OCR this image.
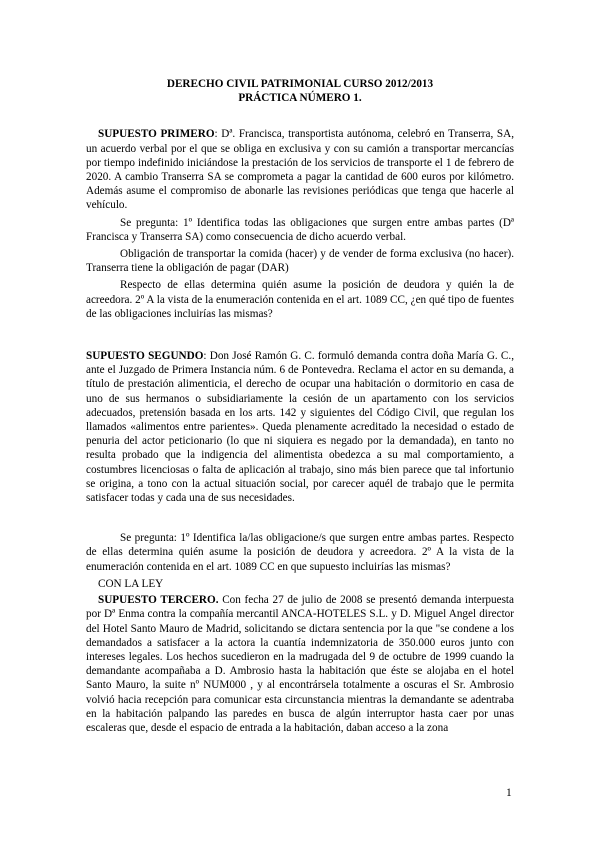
DERECHO CIVIL PATRIMONIAL CURSO 2012/2013

PRÁCTICA NÚMERO 1.

SUPUESTO PRIMERO: Dª. Francisca, transportista autónoma, celebró en Transerra, SA, un acuerdo verbal por el que se obliga en exclusiva y con su camión a transportar mercancías por tiempo indefinido iniciándose la prestación de los servicios de transporte el 1 de febrero de 2020. A cambio Transerra SA se comprometa a pagar la cantidad de 600 euros por kilómetro. Además asume el compromiso de abonarle las revisiones periódicas que tenga que hacerle al vehículo.

Se pregunta: 1º Identifica todas las obligaciones que surgen entre ambas partes (Dª Francisca y Transerra SA) como consecuencia de dicho acuerdo verbal.

Obligación de transportar la comida (hacer) y de vender de forma exclusiva (no hacer). Transerra tiene la obligación de pagar (DAR)

Respecto de ellas determina quién asume la posición de deudora y quién la de acreedora. 2º A la vista de la enumeración contenida en el art. 1089 CC, ¿en qué tipo de fuentes de las obligaciones incluirías las mismas?

SUPUESTO SEGUNDO: Don José Ramón G. C. formuló demanda contra doña María G. C., ante el Juzgado de Primera Instancia núm. 6 de Pontevedra. Reclama el actor en su demanda, a título de prestación alimenticia, el derecho de ocupar una habitación o dormitorio en casa de uno de sus hermanos o subsidiariamente la cesión de un apartamento con los servicios adecuados, pretensión basada en los arts. 142 y siguientes del Código Civil, que regulan los llamados «alimentos entre parientes». Queda plenamente acreditado la necesidad o estado de penuria del actor peticionario (lo que ni siquiera es negado por la demandada), en tanto no resulta probado que la indigencia del alimentista obedezca a su mal comportamiento, a costumbres licenciosas o falta de aplicación al trabajo, sino más bien parece que tal infortunio se origina, a tono con la actual situación social, por carecer aquél de trabajo que le permita satisfacer todas y cada una de sus necesidades.

Se pregunta: 1º Identifica la/las obligacione/s que surgen entre ambas partes. Respecto de ellas determina quién asume la posición de deudora y acreedora. 2º A la vista de la enumeración contenida en el art. 1089 CC en que supuesto incluirías las mismas?

CON LA LEY

SUPUESTO TERCERO. Con fecha 27 de julio de 2008 se presentó demanda interpuesta por Dª Enma contra la compañía mercantil ANCA-HOTELES S.L. y D. Miguel Angel director del Hotel Santo Mauro de Madrid, solicitando se dictara sentencia por la que "se condene a los demandados a satisfacer a la actora la cuantía indemnizatoria de 350.000 euros junto con intereses legales. Los hechos sucedieron en la madrugada del 9 de octubre de 1999 cuando la demandante acompañaba a D. Ambrosio hasta la habitación que éste se alojaba en el hotel Santo Mauro, la suite nº NUM000 , y al encontrársela totalmente a oscuras el Sr. Ambrosio volvió hacia recepción para comunicar esta circunstancia mientras la demandante se adentraba en la habitación palpando las paredes en busca de algún interruptor hasta caer por unas escaleras que, desde el espacio de entrada a la habitación, daban acceso a la zona

1
